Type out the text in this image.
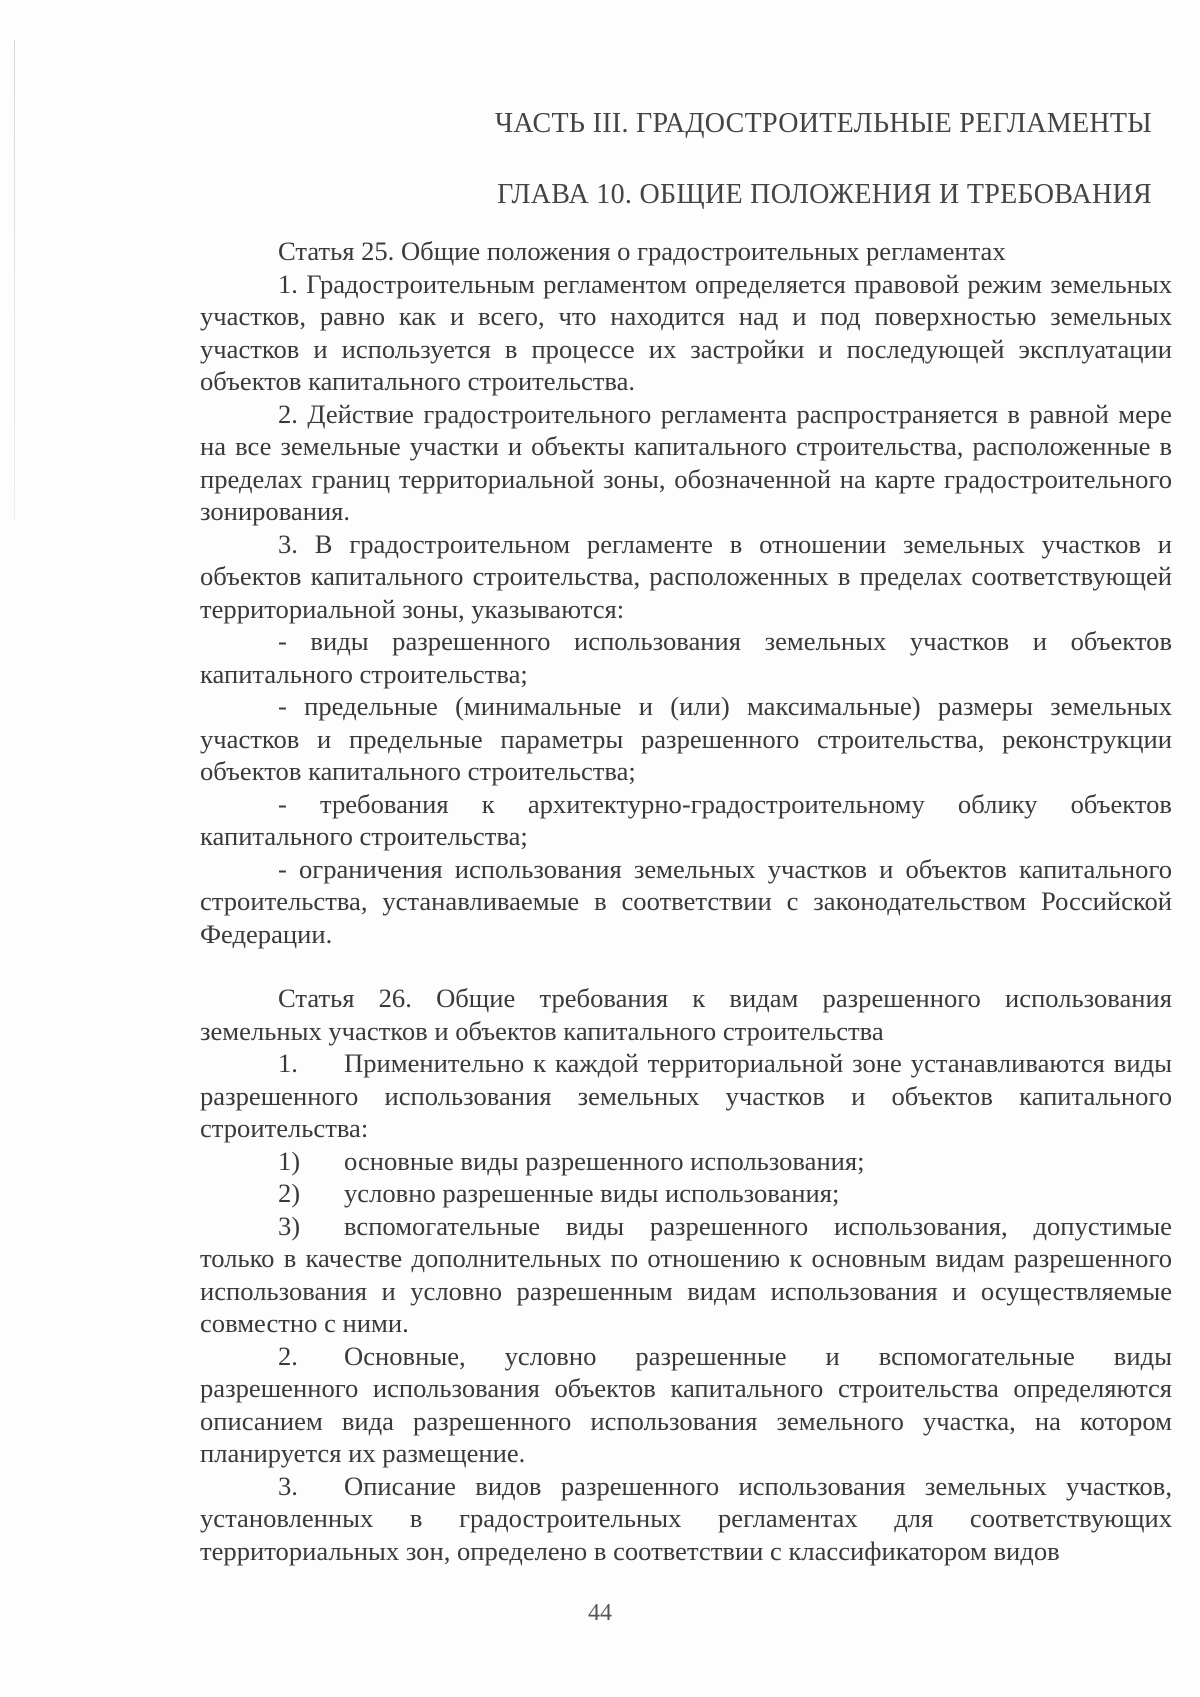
ЧАСТЬ III. ГРАДОСТРОИТЕЛЬНЫЕ РЕГЛАМЕНТЫ
ГЛАВА 10. ОБЩИЕ ПОЛОЖЕНИЯ И ТРЕБОВАНИЯ

Статья 25. Общие положения о градостроительных регламентах

1. Градостроительным регламентом определяется правовой режим земельных участков, равно как и всего, что находится над и под поверхностью земельных участков и используется в процессе их застройки и последующей эксплуатации объектов капитального строительства.

2. Действие градостроительного регламента распространяется в равной мере на все земельные участки и объекты капитального строительства, расположенные в пределах границ территориальной зоны, обозначенной на карте градостроительного зонирования.

3. В градостроительном регламенте в отношении земельных участков и объектов капитального строительства, расположенных в пределах соответствующей территориальной зоны, указываются:

- виды разрешенного использования земельных участков и объектов капитального строительства;

- предельные (минимальные и (или) максимальные) размеры земельных участков и предельные параметры разрешенного строительства, реконструкции объектов капитального строительства;

- требования к архитектурно-градостроительному облику объектов капитального строительства;

- ограничения использования земельных участков и объектов капитального строительства, устанавливаемые в соответствии с законодательством Российской Федерации.

Статья 26. Общие требования к видам разрешенного использования земельных участков и объектов капитального строительства

1. Применительно к каждой территориальной зоне устанавливаются виды разрешенного использования земельных участков и объектов капитального строительства:

1) основные виды разрешенного использования;

2) условно разрешенные виды использования;

3) вспомогательные виды разрешенного использования, допустимые только в качестве дополнительных по отношению к основным видам разрешенного использования и условно разрешенным видам использования и осуществляемые совместно с ними.

2. Основные, условно разрешенные и вспомогательные виды разрешенного использования объектов капитального строительства определяются описанием вида разрешенного использования земельного участка, на котором планируется их размещение.

3. Описание видов разрешенного использования земельных участков, установленных в градостроительных регламентах для соответствующих территориальных зон, определено в соответствии с классификатором видов

44
